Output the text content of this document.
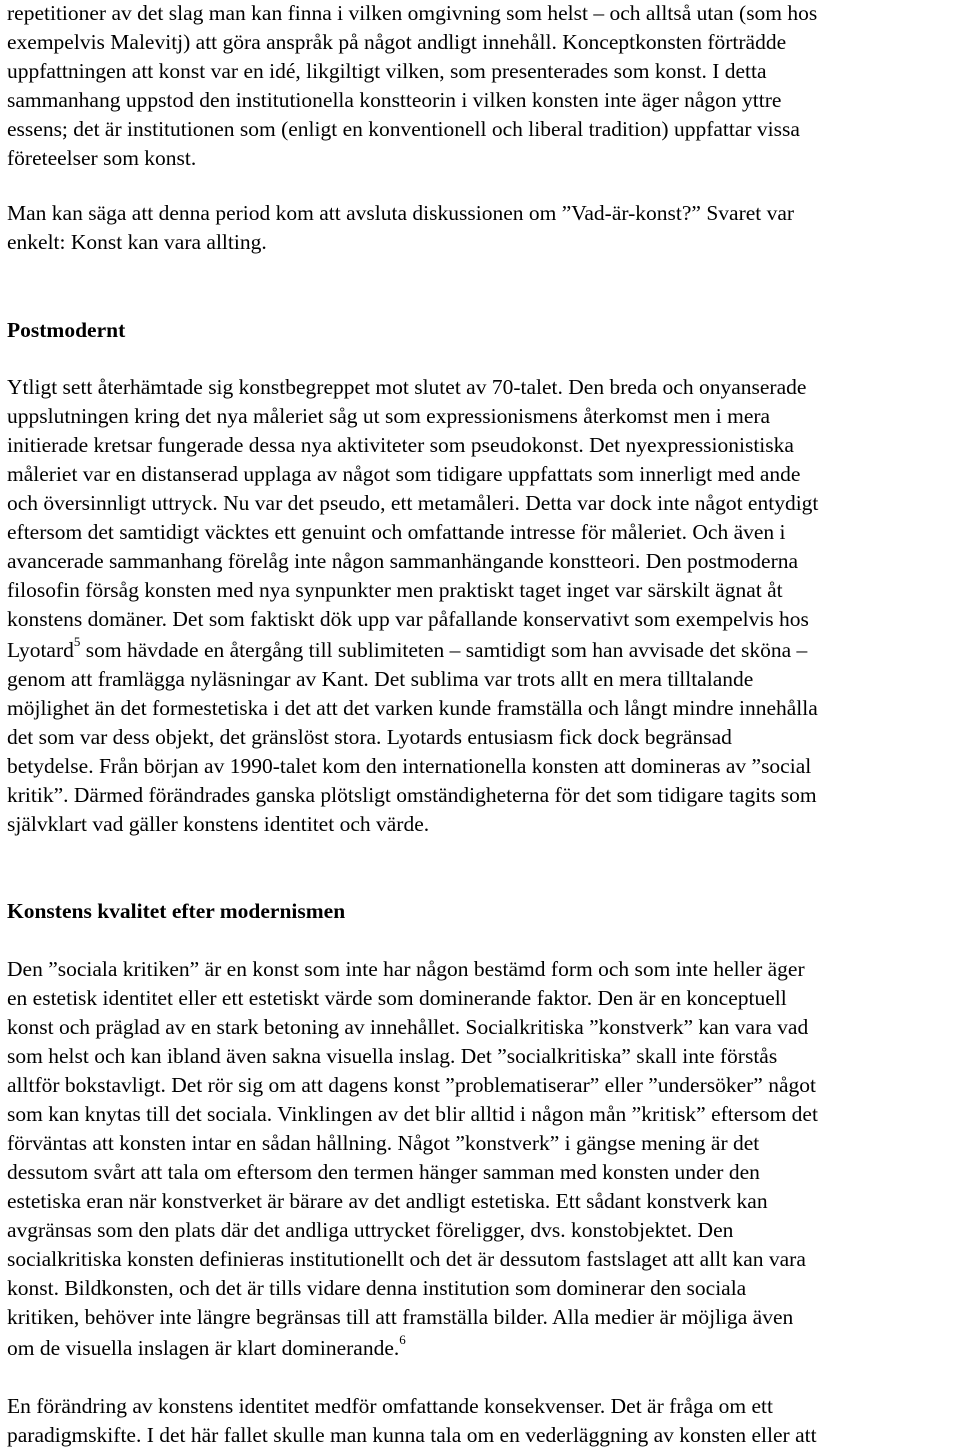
repetitioner av det slag man kan finna i vilken omgivning som helst – och alltså utan (som hos
exempelvis Malevitj) att göra anspråk på något andligt innehåll. Konceptkonsten förträdde
uppfattningen att konst var en idé, likgiltigt vilken, som presenterades som konst. I detta
sammanhang uppstod den institutionella konstteorin i vilken konsten inte äger någon yttre
essens; det är institutionen som (enligt en konventionell och liberal tradition) uppfattar vissa
företeelser som konst.
Man kan säga att denna period kom att avsluta diskussionen om ”Vad-är-konst?” Svaret var
enkelt: Konst kan vara allting.
Postmodernt
Ytligt sett återhämtade sig konstbegreppet mot slutet av 70-talet. Den breda och onyanserade
uppslutningen kring det nya måleriet såg ut som expressionismens återkomst men i mera
initierade kretsar fungerade dessa nya aktiviteter som pseudokonst. Det nyexpressionistiska
måleriet var en distanserad upplaga av något som tidigare uppfattats som innerligt med ande
och översinnligt uttryck. Nu var det pseudo, ett metamåleri. Detta var dock inte något entydigt
eftersom det samtidigt väcktes ett genuint och omfattande intresse för måleriet. Och även i
avancerade sammanhang förelåg inte någon sammanhängande konstteori. Den postmoderna
filosofin försåg konsten med nya synpunkter men praktiskt taget inget var särskilt ägnat åt
konstens domäner. Det som faktiskt dök upp var påfallande konservativt som exempelvis hos
Lyotard$^5$ som hävdade en återgång till sublimiteten – samtidigt som han avvisade det sköna –
genom att framlägga nyläsningar av Kant. Det sublima var trots allt en mera tilltalande
möjlighet än det formestetiska i det att det varken kunde framställa och långt mindre innehålla
det som var dess objekt, det gränslöst stora. Lyotards entusiasm fick dock begränsad
betydelse. Från början av 1990-talet kom den internationella konsten att domineras av ”social
kritik”. Därmed förändrades ganska plötsligt omständigheterna för det som tidigare tagits som
självklart vad gäller konstens identitet och värde.
Konstens kvalitet efter modernismen
Den ”sociala kritiken” är en konst som inte har någon bestämd form och som inte heller äger
en estetisk identitet eller ett estetiskt värde som dominerande faktor. Den är en konceptuell
konst och präglad av en stark betoning av innehållet. Socialkritiska ”konstverk” kan vara vad
som helst och kan ibland även sakna visuella inslag. Det ”socialkritiska” skall inte förstås
alltför bokstavligt. Det rör sig om att dagens konst ”problematiserar” eller ”undersöker” något
som kan knytas till det sociala. Vinklingen av det blir alltid i någon mån ”kritisk” eftersom det
förväntas att konsten intar en sådan hållning. Något ”konstverk” i gängse mening är det
dessutom svårt att tala om eftersom den termen hänger samman med konsten under den
estetiska eran när konstverket är bärare av det andligt estetiska. Ett sådant konstverk kan
avgränsas som den plats där det andliga uttrycket föreligger, dvs. konstobjektet. Den
socialkritiska konsten definieras institutionellt och det är dessutom fastslaget att allt kan vara
konst. Bildkonsten, och det är tills vidare denna institution som dominerar den sociala
kritiken, behöver inte längre begränsas till att framställa bilder. Alla medier är möjliga även
om de visuella inslagen är klart dominerande.$^6$
En förändring av konstens identitet medför omfattande konsekvenser. Det är fråga om ett
paradigmskifte. I det här fallet skulle man kunna tala om en vederläggning av konsten eller att
